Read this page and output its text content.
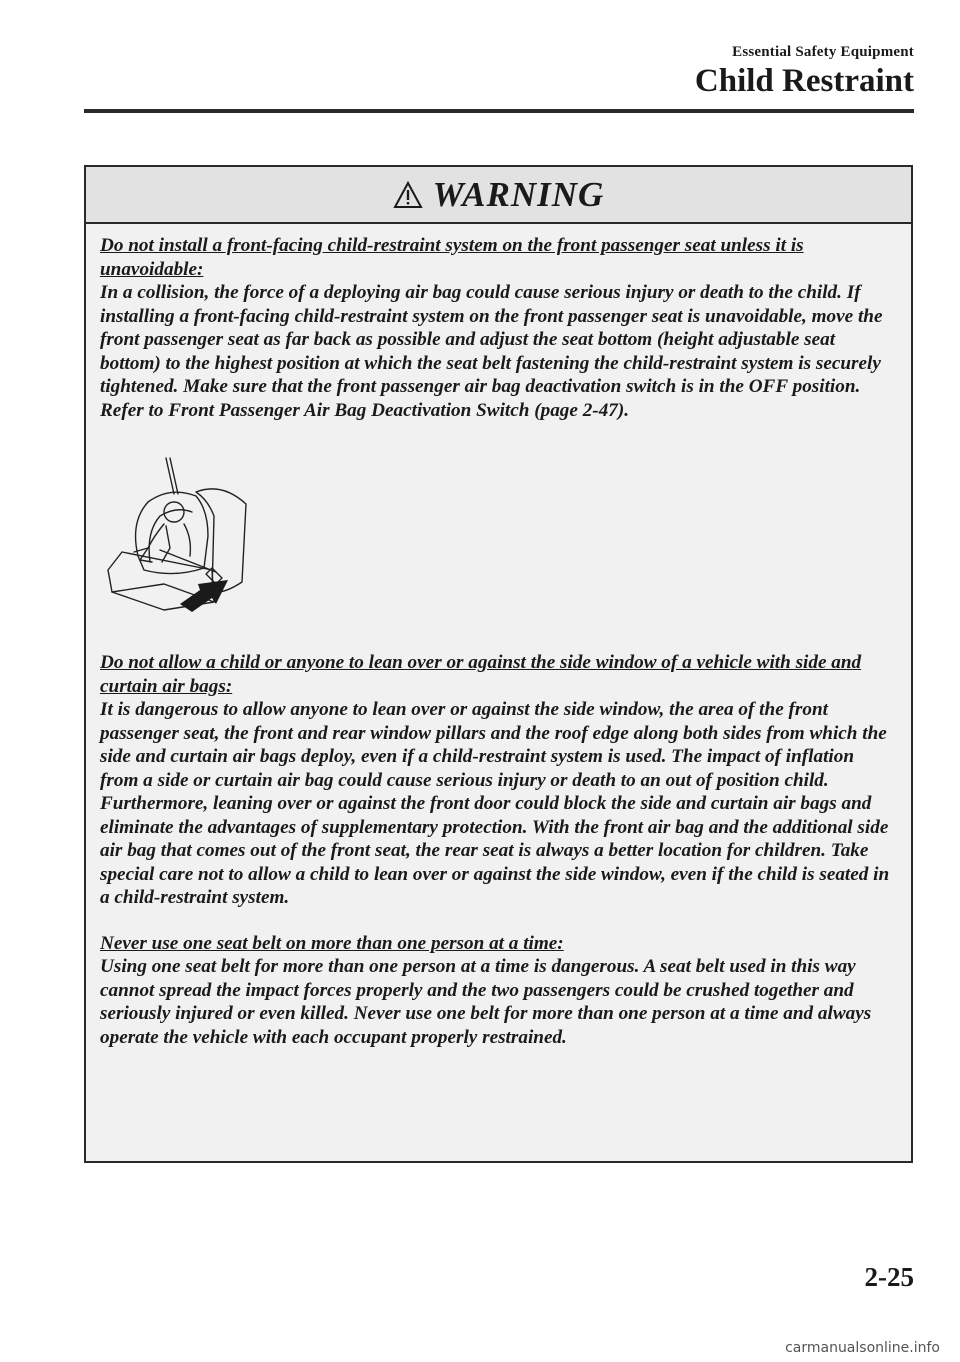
Essential Safety Equipment
Child Restraint
WARNING

Do not install a front-facing child-restraint system on the front passenger seat unless it is unavoidable:
In a collision, the force of a deploying air bag could cause serious injury or death to the child. If installing a front-facing child-restraint system on the front passenger seat is unavoidable, move the front passenger seat as far back as possible and adjust the seat bottom (height adjustable seat bottom) to the highest position at which the seat belt fastening the child-restraint system is securely tightened. Make sure that the front passenger air bag deactivation switch is in the OFF position. Refer to Front Passenger Air Bag Deactivation Switch (page 2-47).

Do not allow a child or anyone to lean over or against the side window of a vehicle with side and curtain air bags:
It is dangerous to allow anyone to lean over or against the side window, the area of the front passenger seat, the front and rear window pillars and the roof edge along both sides from which the side and curtain air bags deploy, even if a child-restraint system is used. The impact of inflation from a side or curtain air bag could cause serious injury or death to an out of position child. Furthermore, leaning over or against the front door could block the side and curtain air bags and eliminate the advantages of supplementary protection. With the front air bag and the additional side air bag that comes out of the front seat, the rear seat is always a better location for children. Take special care not to allow a child to lean over or against the side window, even if the child is seated in a child-restraint system.

Never use one seat belt on more than one person at a time:
Using one seat belt for more than one person at a time is dangerous. A seat belt used in this way cannot spread the impact forces properly and the two passengers could be crushed together and seriously injured or even killed. Never use one belt for more than one person at a time and always operate the vehicle with each occupant properly restrained.

2-25
carmanualsonline.info
